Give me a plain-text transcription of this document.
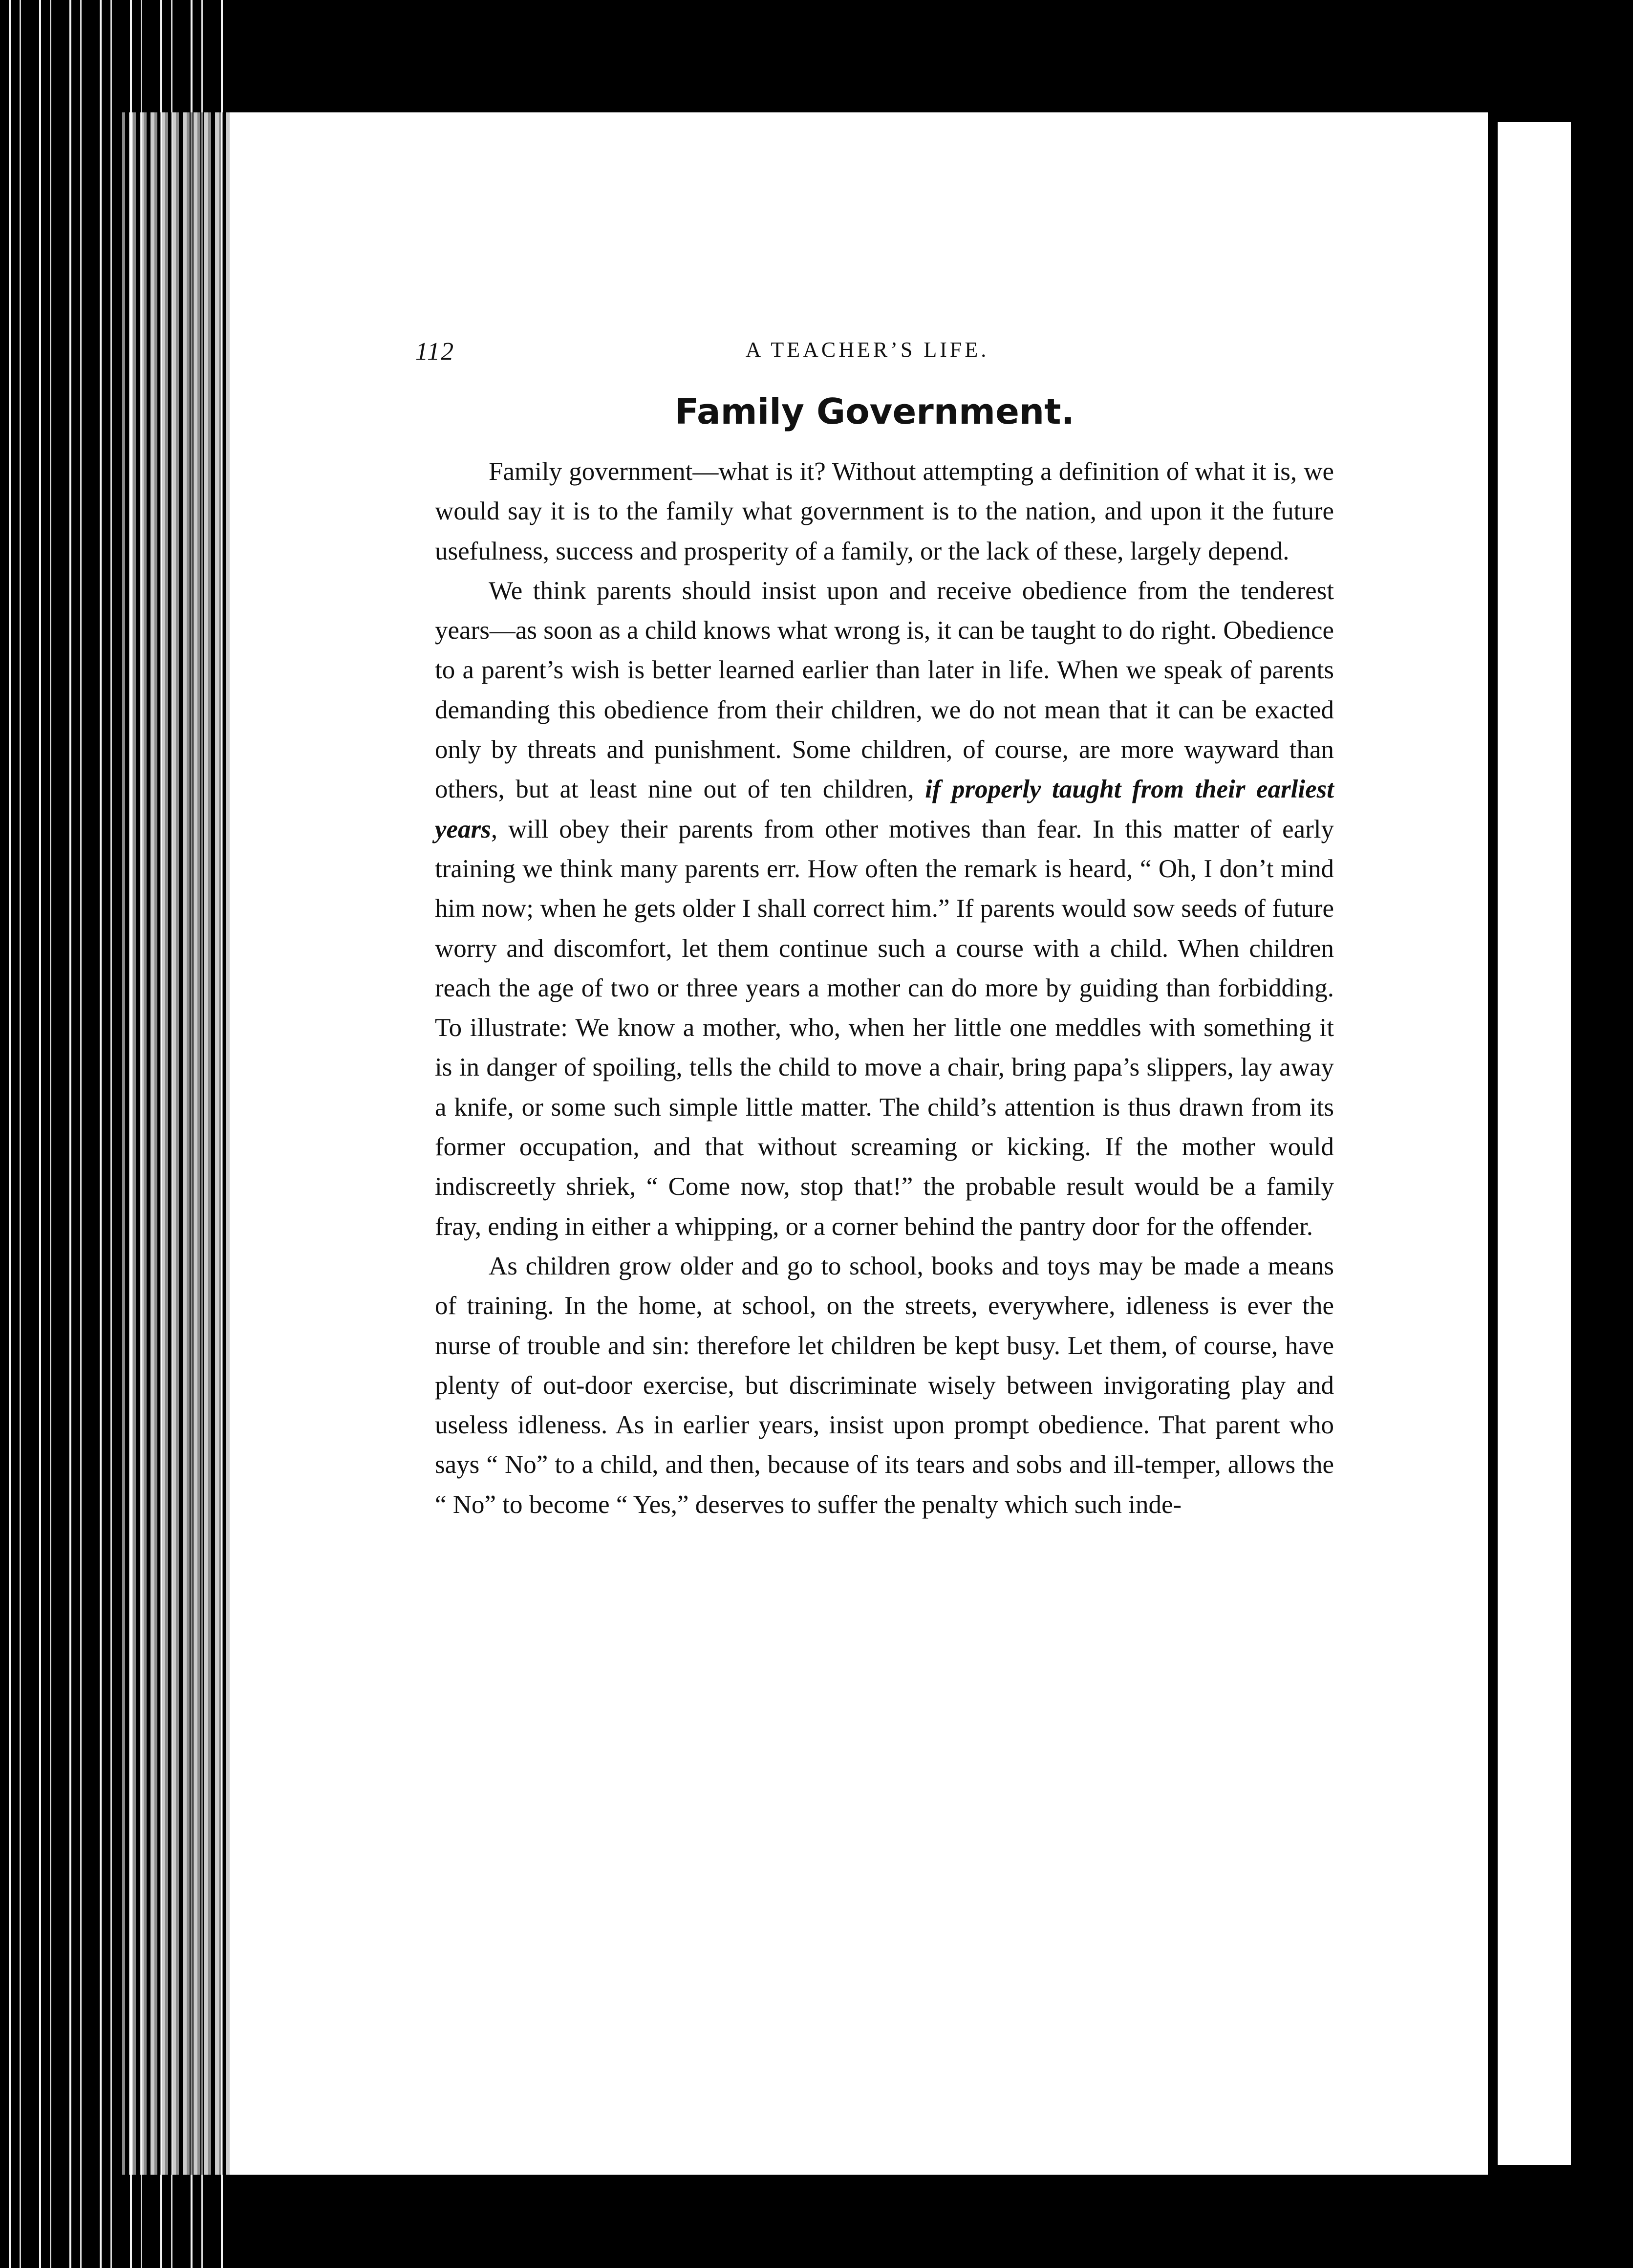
112	A TEACHER’S LIFE.
Family Government.

Family government—what is it? Without attempting a definition of what it is, we would say it is to the family what government is to the nation, and upon it the future usefulness, success and prosperity of a family, or the lack of these, largely depend.

We think parents should insist upon and receive obedience from the tenderest years—as soon as a child knows what wrong is, it can be taught to do right. Obedience to a parent’s wish is better learned earlier than later in life. When we speak of parents demanding this obedience from their children, we do not mean that it can be exacted only by threats and punishment. Some children, of course, are more wayward than others, but at least nine out of ten children, if properly taught from their earliest years, will obey their parents from other motives than fear. In this matter of early training we think many parents err. How often the remark is heard, “ Oh, I don’t mind him now; when he gets older I shall correct him.” If parents would sow seeds of future worry and discomfort, let them continue such a course with a child. When children reach the age of two or three years a mother can do more by guiding than forbidding. To illustrate: We know a mother, who, when her little one meddles with something it is in danger of spoiling, tells the child to move a chair, bring papa’s slippers, lay away a knife, or some such simple little matter. The child’s attention is thus drawn from its former occupation, and that without screaming or kicking. If the mother would indiscreetly shriek, “ Come now, stop that!” the probable result would be a family fray, ending in either a whipping, or a corner behind the pantry door for the offender.

As children grow older and go to school, books and toys may be made a means of training. In the home, at school, on the streets, everywhere, idleness is ever the nurse of trouble and sin: therefore let children be kept busy. Let them, of course, have plenty of out-door exercise, but discriminate wisely between invigorating play and useless idleness. As in earlier years, insist upon prompt obedience. That parent who says “ No” to a child, and then, because of its tears and sobs and ill-temper, allows the “ No” to become “ Yes,” deserves to suffer the penalty which such inde-
